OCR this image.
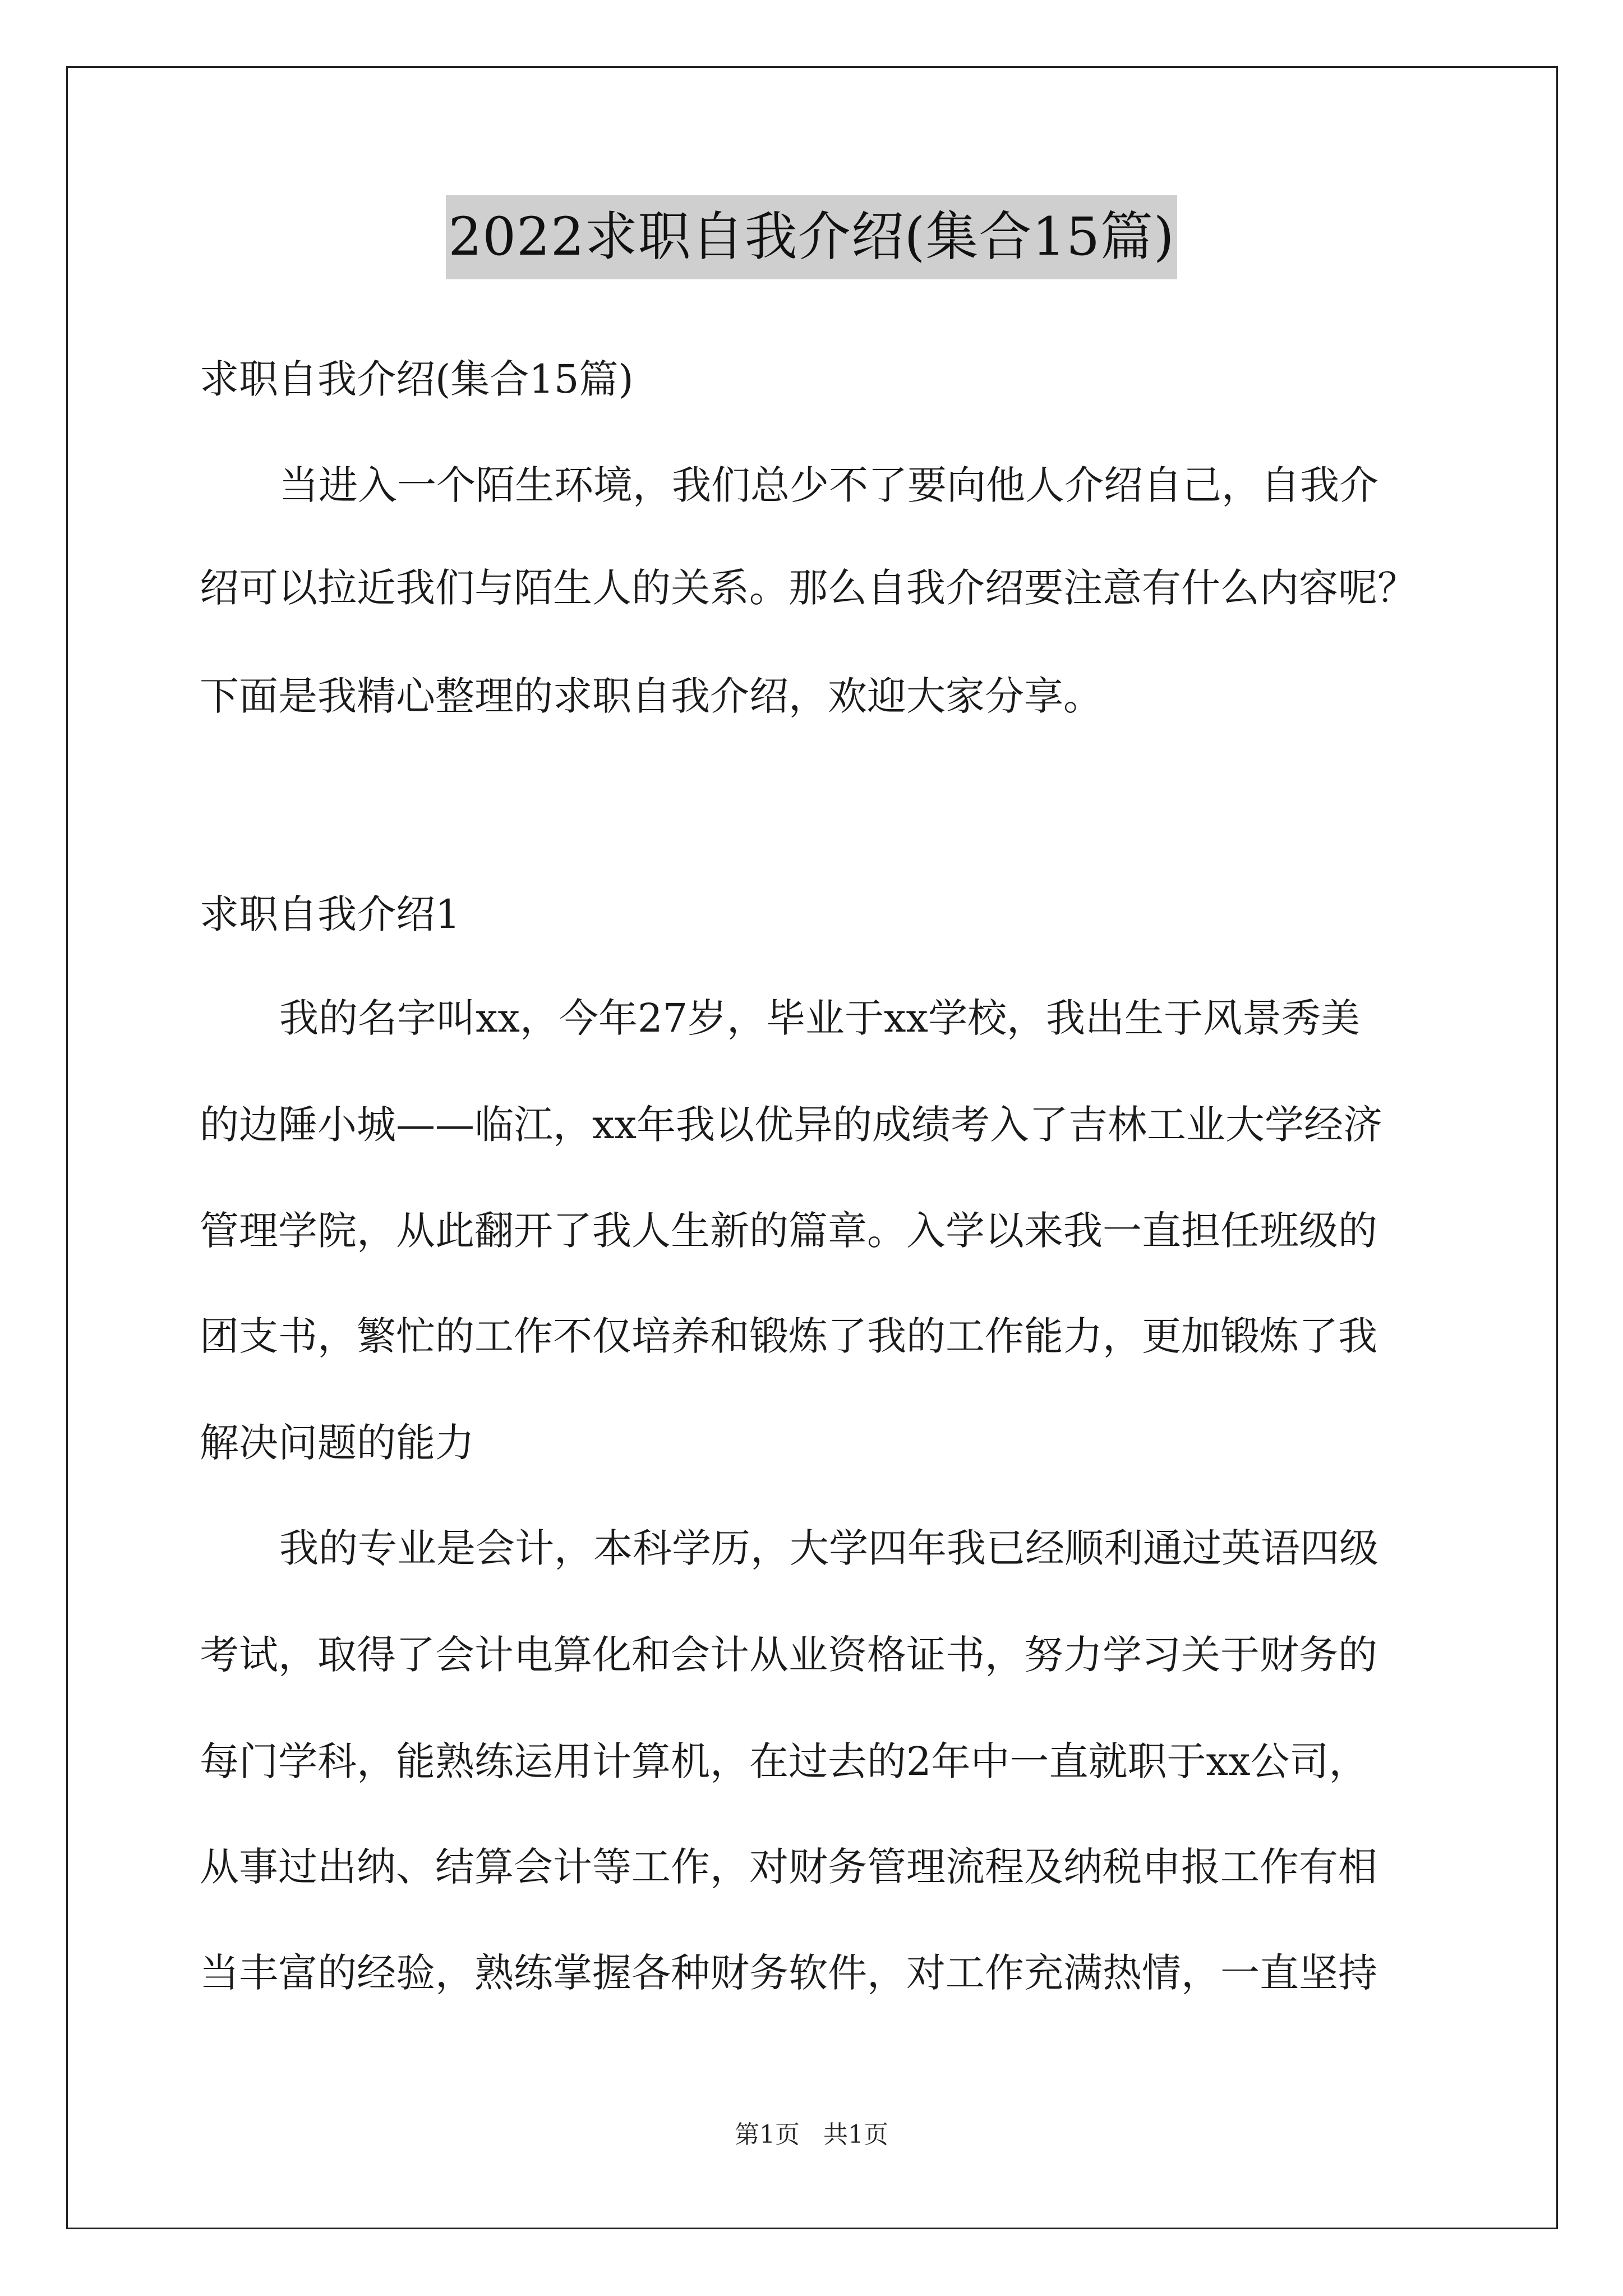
2022求职自我介绍(集合15篇)
求职自我介绍(集合15篇)
当进入一个陌生环境，我们总少不了要向他人介绍自己，自我介
绍可以拉近我们与陌生人的关系。那么自我介绍要注意有什么内容呢？
下面是我精心整理的求职自我介绍，欢迎大家分享。
求职自我介绍1
我的名字叫xx，今年27岁，毕业于xx学校，我出生于风景秀美
的边陲小城——临江，xx年我以优异的成绩考入了吉林工业大学经济
管理学院，从此翻开了我人生新的篇章。入学以来我一直担任班级的
团支书，繁忙的工作不仅培养和锻炼了我的工作能力，更加锻炼了我
解决问题的能力
我的专业是会计，本科学历，大学四年我已经顺利通过英语四级
考试，取得了会计电算化和会计从业资格证书，努力学习关于财务的
每门学科，能熟练运用计算机，在过去的2年中一直就职于xx公司，
从事过出纳、结算会计等工作，对财务管理流程及纳税申报工作有相
当丰富的经验，熟练掌握各种财务软件，对工作充满热情，一直坚持
第1页   共1页
